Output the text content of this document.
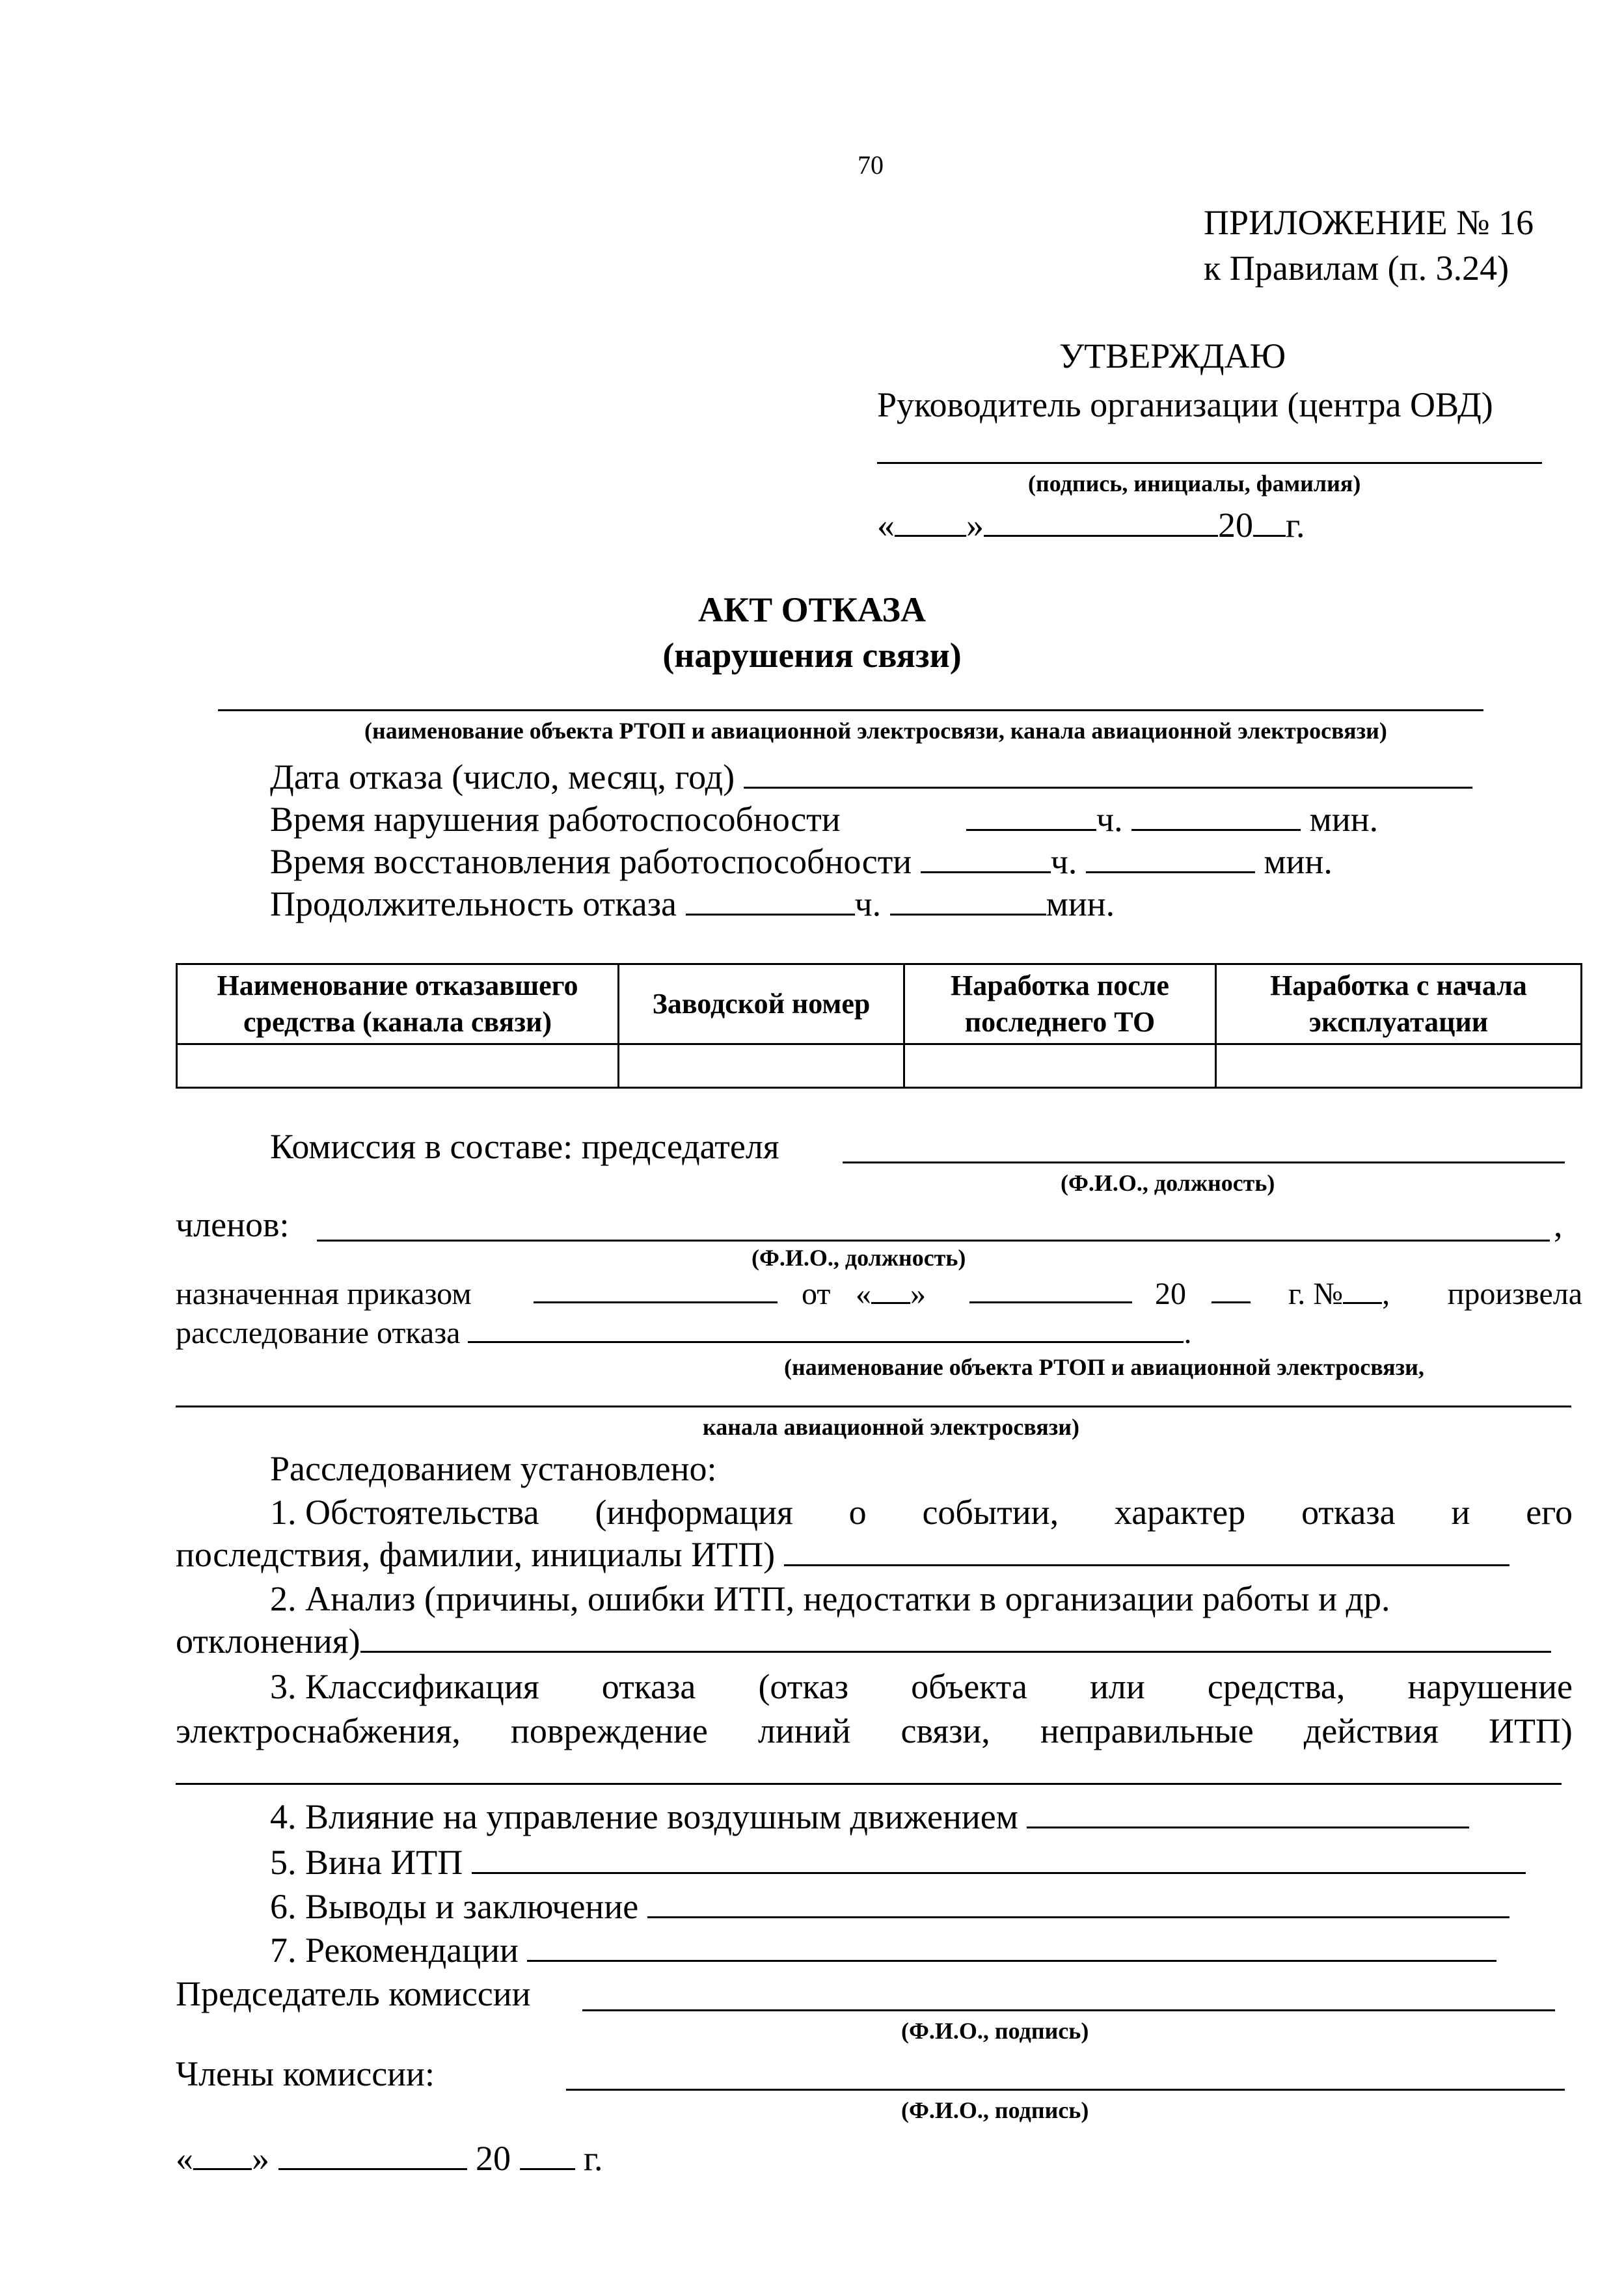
70
ПРИЛОЖЕНИЕ № 16
к Правилам (п. 3.24)
УТВЕРЖДАЮ
Руководитель организации (центра ОВД)
(подпись, инициалы, фамилия)
« »	20 г.
АКТ ОТКАЗА
(нарушения связи)
(наименование объекта РТОП и авиационной электросвязи, канала авиационной электросвязи)
Дата отказа (число, месяц, год)
Время нарушения работоспособности	ч.	мин.
Время восстановления работоспособности	ч.	мин.
Продолжительность отказа	ч.	мин.
Наименование отказавшего средства (канала связи)	Заводской номер	Наработка после последнего ТО	Наработка с начала эксплуатации

Комиссия в составе: председателя
(Ф.И.О., должность)
членов:	,
(Ф.И.О., должность)
назначенная приказом	от « »	20	г. № , произвела
расследование отказа	.
(наименование объекта РТОП и авиационной электросвязи,
канала авиационной электросвязи)
Расследованием установлено:
1. Обстоятельства (информация о событии, характер отказа и его
последствия, фамилии, инициалы ИТП)
2. Анализ (причины, ошибки ИТП, недостатки в организации работы и др.
отклонения)
3. Классификация отказа (отказ объекта или средства, нарушение
электроснабжения, повреждение линий связи, неправильные действия ИТП)
4. Влияние на управление воздушным движением
5. Вина ИТП
6. Выводы и заключение
7. Рекомендации
Председатель комиссии
(Ф.И.О., подпись)
Члены комиссии:
(Ф.И.О., подпись)
« »	20 г.
